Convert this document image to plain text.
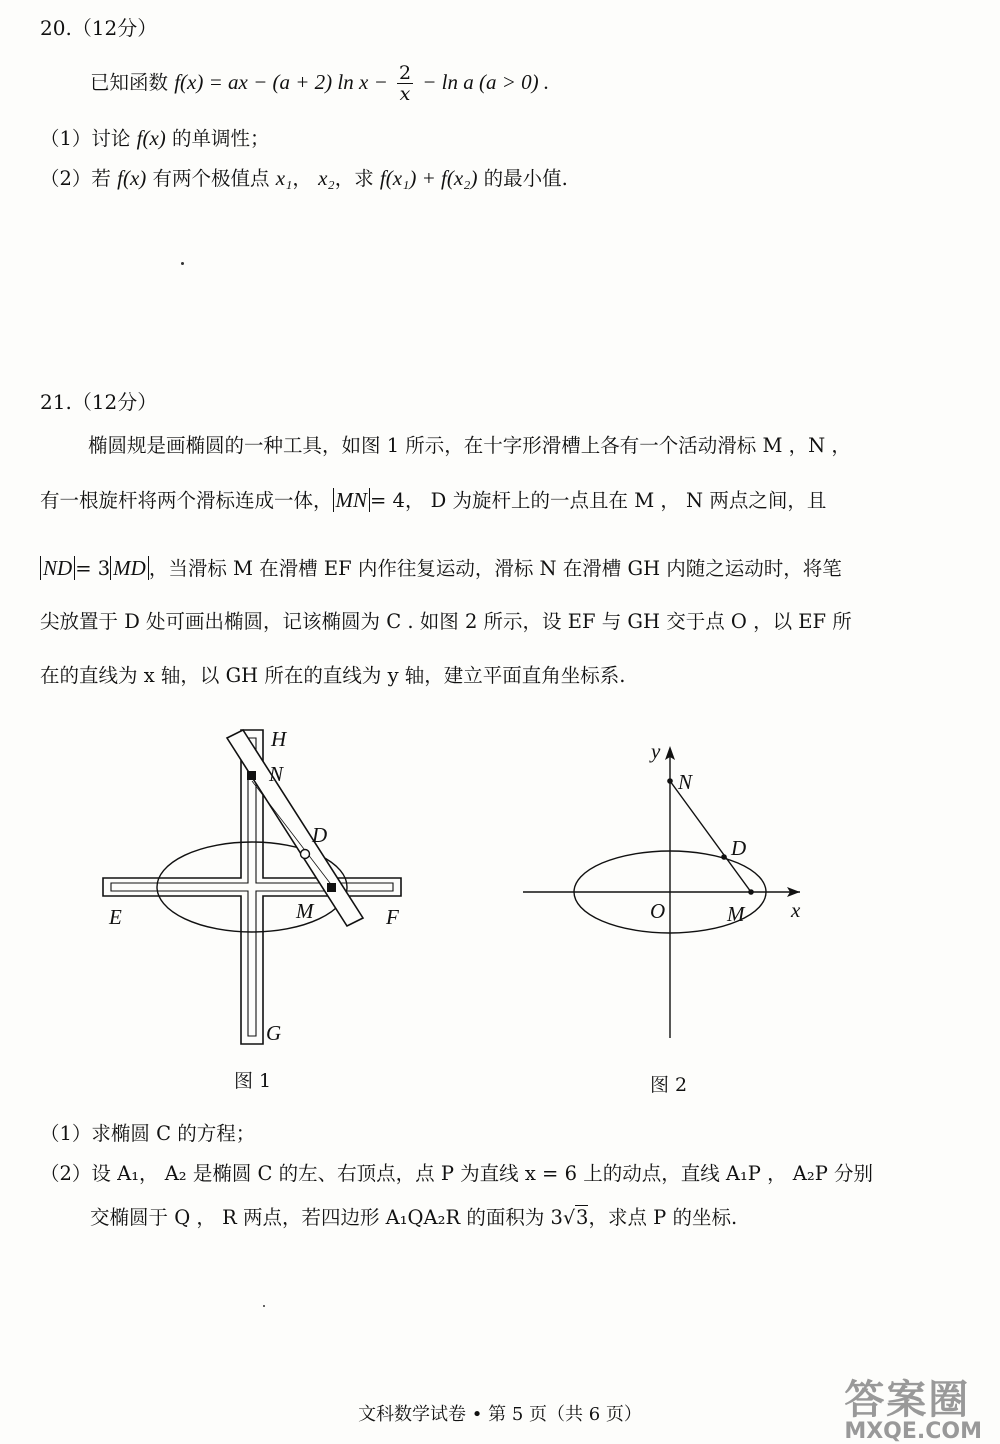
20.（12分）
已知函数 f(x) = ax − (a + 2) $\ln x - \frac{2}{x} - \ln a$ (a > 0) .
（1）讨论 f(x) 的单调性；
（2）若 f(x) 有两个极值点 x₁， x₂，求 f(x₁) + f(x₂) 的最小值.
21.（12分）
椭圆规是画椭圆的一种工具，如图 1 所示，在十字形滑槽上各有一个活动滑标 M ，N ，
有一根旋杆将两个滑标连成一体， MN = 4， D 为旋杆上的一点且在 M ， N 两点之间，且
ND = 3 MD ，当滑标 M 在滑槽 EF 内作往复运动，滑标 N 在滑槽 GH 内随之运动时，将笔
尖放置于 D 处可画出椭圆，记该椭圆为 C . 如图 2 所示，设 EF 与 GH 交于点 O ，以 EF 所
在的直线为 x 轴，以 GH 所在的直线为 y 轴，建立平面直角坐标系.
H
N
D
E	M	F
G
图 1
y
N
D
O	M x
图 2
（1）求椭圆 C 的方程；
（2）设 A₁， A₂ 是椭圆 C 的左、右顶点，点 P 为直线 x = 6 上的动点，直线 A₁P ， A₂P 分别
交椭圆于 Q ， R 两点，若四边形 A₁QA₂R 的面积为 3√3，求点 P 的坐标.
文科数学试卷 • 第 5 页（共 6 页）	答案圈
MXQE.COM
